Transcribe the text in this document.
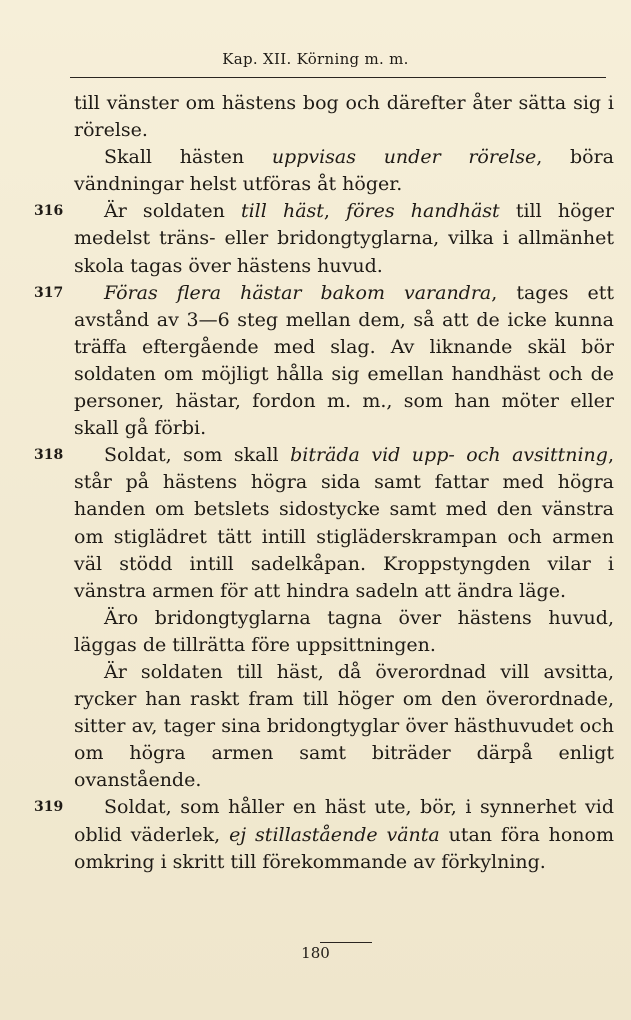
Kap. XII. Körning m. m.

till vänster om hästens bog och därefter åter sätta sig i rörelse.

Skall hästen uppvisas under rörelse, böra vändningar helst utföras åt höger.

316 Är soldaten till häst, föres handhäst till höger medelst träns- eller bridongtyglarna, vilka i allmänhet skola tagas över hästens huvud.

317 Föras flera hästar bakom varandra, tages ett avstånd av 3—6 steg mellan dem, så att de icke kunna träffa eftergående med slag. Av liknande skäl bör soldaten om möjligt hålla sig emellan handhäst och de personer, hästar, fordon m. m., som han möter eller skall gå förbi.

318 Soldat, som skall biträda vid upp- och avsittning, står på hästens högra sida samt fattar med högra handen om betslets sidostycke samt med den vänstra om stiglädret tätt intill stigläderskrampan och armen väl stödd intill sadelkåpan. Kroppstyngden vilar i vänstra armen för att hindra sadeln att ändra läge.

Äro bridongtyglarna tagna över hästens huvud, läggas de tillrätta före uppsittningen.

Är soldaten till häst, då överordnad vill avsitta, rycker han raskt fram till höger om den överordnade, sitter av, tager sina bridongtyglar över hästhuvudet och om högra armen samt biträder därpå enligt ovanstående.

319 Soldat, som håller en häst ute, bör, i synnerhet vid oblid väderlek, ej stillastående vänta utan föra honom omkring i skritt till förekommande av förkylning.

180
